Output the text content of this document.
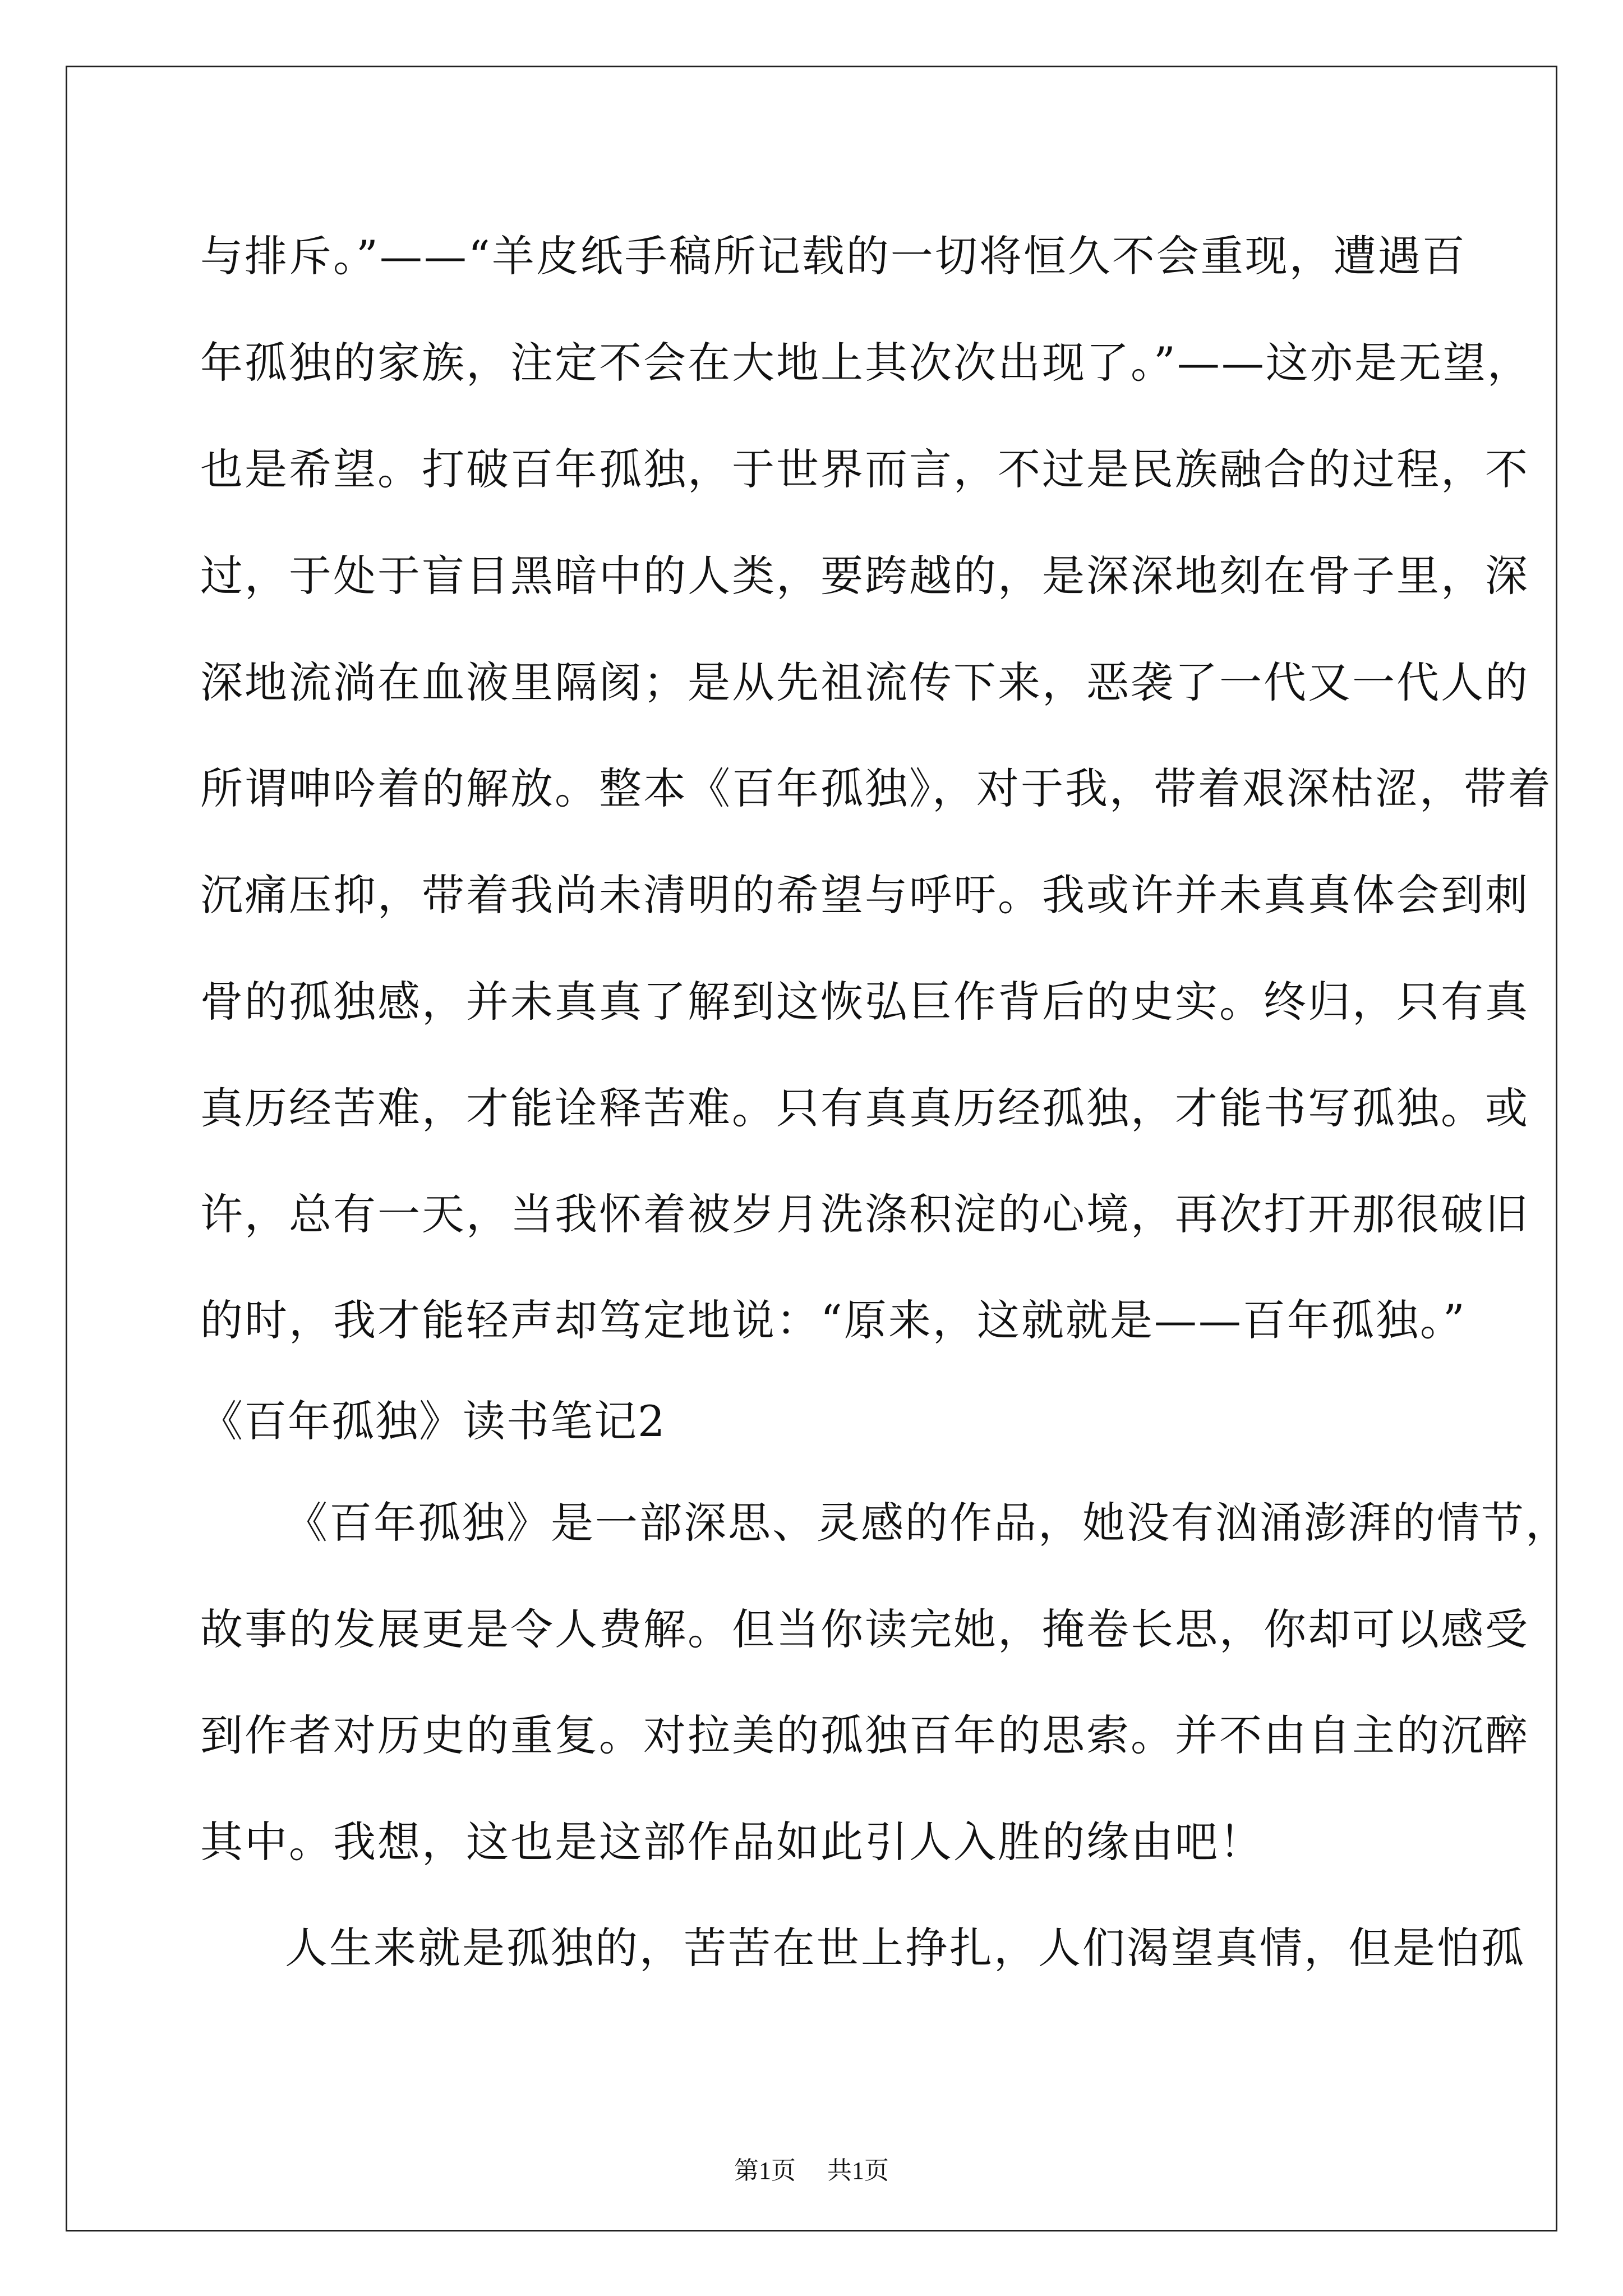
与排斥。”——“羊皮纸手稿所记载的一切将恒久不会重现，遭遇百
年孤独的家族，注定不会在大地上其次次出现了。”——这亦是无望，
也是希望。打破百年孤独，于世界而言，不过是民族融合的过程，不
过，于处于盲目黑暗中的人类，要跨越的，是深深地刻在骨子里，深
深地流淌在血液里隔阂；是从先祖流传下来，恶袭了一代又一代人的
所谓呻吟着的解放。整本《百年孤独》，对于我，带着艰深枯涩，带着
沉痛压抑，带着我尚未清明的希望与呼吁。我或许并未真真体会到刺
骨的孤独感，并未真真了解到这恢弘巨作背后的史实。终归，只有真
真历经苦难，才能诠释苦难。只有真真历经孤独，才能书写孤独。或
许，总有一天，当我怀着被岁月洗涤积淀的心境，再次打开那很破旧
的时，我才能轻声却笃定地说：“原来，这就就是——百年孤独。”
《百年孤独》读书笔记2
《百年孤独》是一部深思、灵感的作品，她没有汹涌澎湃的情节，
故事的发展更是令人费解。但当你读完她，掩卷长思，你却可以感受
到作者对历史的重复。对拉美的孤独百年的思索。并不由自主的沉醉
其中。我想，这也是这部作品如此引人入胜的缘由吧！
人生来就是孤独的，苦苦在世上挣扎，人们渴望真情，但是怕孤
第1页 共1页
